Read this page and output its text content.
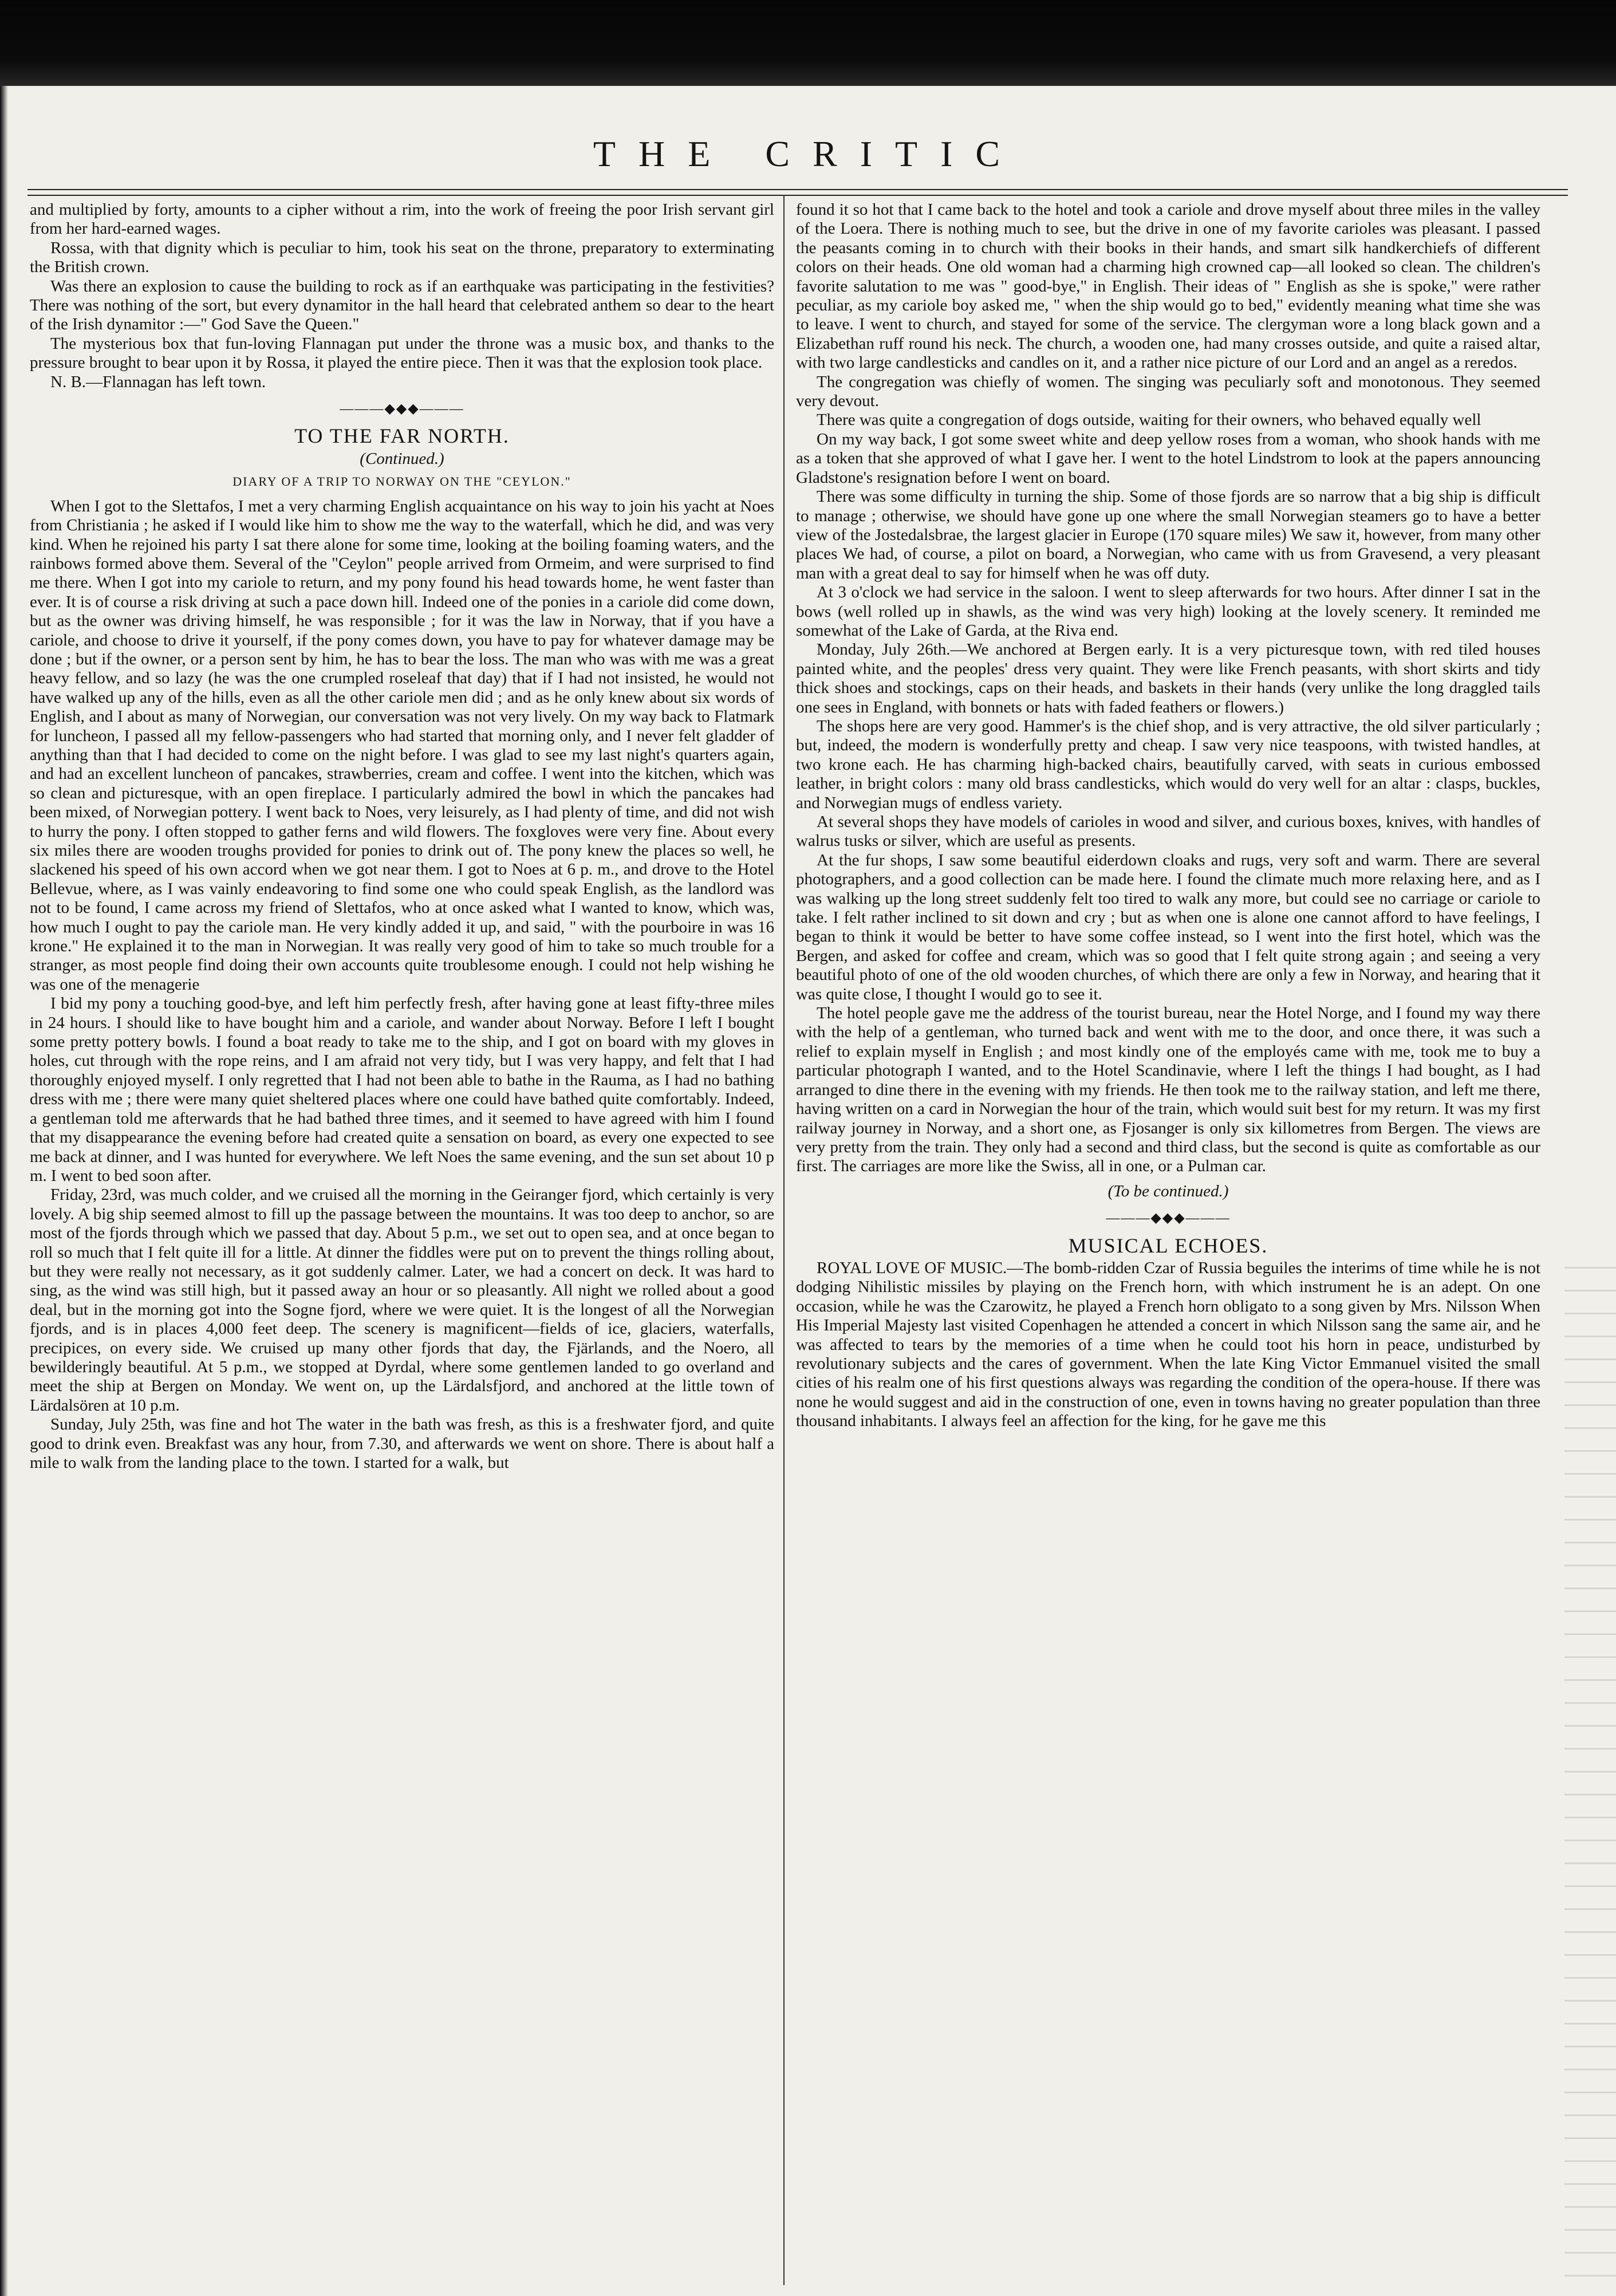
THE CRITIC

and multiplied by forty, amounts to a cipher without a rim, into the work of freeing the poor Irish servant girl from her hard-earned wages.

Rossa, with that dignity which is peculiar to him, took his seat on the throne, preparatory to exterminating the British crown.

Was there an explosion to cause the building to rock as if an earthquake was participating in the festivities? There was nothing of the sort, but every dynamitor in the hall heard that celebrated anthem so dear to the heart of the Irish dynamitor :—" God Save the Queen."

The mysterious box that fun-loving Flannagan put under the throne was a music box, and thanks to the pressure brought to bear upon it by Rossa, it played the entire piece. Then it was that the explosion took place.

N. B.—Flannagan has left town.

———◆◆◆———
TO THE FAR NORTH.
(Continued.)
DIARY OF A TRIP TO NORWAY ON THE "CEYLON."

When I got to the Slettafos, I met a very charming English acquaintance on his way to join his yacht at Noes from Christiania ; he asked if I would like him to show me the way to the waterfall, which he did, and was very kind. When he rejoined his party I sat there alone for some time, looking at the boiling foaming waters, and the rainbows formed above them. Several of the "Ceylon" people arrived from Ormeim, and were surprised to find me there. When I got into my cariole to return, and my pony found his head towards home, he went faster than ever. It is of course a risk driving at such a pace down hill. Indeed one of the ponies in a cariole did come down, but as the owner was driving himself, he was responsible ; for it was the law in Norway, that if you have a cariole, and choose to drive it yourself, if the pony comes down, you have to pay for whatever damage may be done ; but if the owner, or a person sent by him, he has to bear the loss. The man who was with me was a great heavy fellow, and so lazy (he was the one crumpled roseleaf that day) that if I had not insisted, he would not have walked up any of the hills, even as all the other cariole men did ; and as he only knew about six words of English, and I about as many of Norwegian, our conversation was not very lively. On my way back to Flatmark for luncheon, I passed all my fellow-passengers who had started that morning only, and I never felt gladder of anything than that I had decided to come on the night before. I was glad to see my last night's quarters again, and had an excellent luncheon of pancakes, strawberries, cream and coffee. I went into the kitchen, which was so clean and picturesque, with an open fireplace. I particularly admired the bowl in which the pancakes had been mixed, of Norwegian pottery. I went back to Noes, very leisurely, as I had plenty of time, and did not wish to hurry the pony. I often stopped to gather ferns and wild flowers. The foxgloves were very fine. About every six miles there are wooden troughs provided for ponies to drink out of. The pony knew the places so well, he slackened his speed of his own accord when we got near them. I got to Noes at 6 p. m., and drove to the Hotel Bellevue, where, as I was vainly endeavoring to find some one who could speak English, as the landlord was not to be found, I came across my friend of Slettafos, who at once asked what I wanted to know, which was, how much I ought to pay the cariole man. He very kindly added it up, and said, " with the pourboire in was 16 krone." He explained it to the man in Norwegian. It was really very good of him to take so much trouble for a stranger, as most people find doing their own accounts quite troublesome enough. I could not help wishing he was one of the menagerie

I bid my pony a touching good-bye, and left him perfectly fresh, after having gone at least fifty-three miles in 24 hours. I should like to have bought him and a cariole, and wander about Norway. Before I left I bought some pretty pottery bowls. I found a boat ready to take me to the ship, and I got on board with my gloves in holes, cut through with the rope reins, and I am afraid not very tidy, but I was very happy, and felt that I had thoroughly enjoyed myself. I only regretted that I had not been able to bathe in the Rauma, as I had no bathing dress with me ; there were many quiet sheltered places where one could have bathed quite comfortably. Indeed, a gentleman told me afterwards that he had bathed three times, and it seemed to have agreed with him I found that my disappearance the evening before had created quite a sensation on board, as every one expected to see me back at dinner, and I was hunted for everywhere. We left Noes the same evening, and the sun set about 10 p m. I went to bed soon after.

Friday, 23rd, was much colder, and we cruised all the morning in the Geiranger fjord, which certainly is very lovely. A big ship seemed almost to fill up the passage between the mountains. It was too deep to anchor, so are most of the fjords through which we passed that day. About 5 p.m., we set out to open sea, and at once began to roll so much that I felt quite ill for a little. At dinner the fiddles were put on to prevent the things rolling about, but they were really not necessary, as it got suddenly calmer. Later, we had a concert on deck. It was hard to sing, as the wind was still high, but it passed away an hour or so pleasantly. All night we rolled about a good deal, but in the morning got into the Sogne fjord, where we were quiet. It is the longest of all the Norwegian fjords, and is in places 4,000 feet deep. The scenery is magnificent—fields of ice, glaciers, waterfalls, precipices, on every side. We cruised up many other fjords that day, the Fjärlands, and the Noero, all bewilderingly beautiful. At 5 p.m., we stopped at Dyrdal, where some gentlemen landed to go overland and meet the ship at Bergen on Monday. We went on, up the Lärdalsfjord, and anchored at the little town of Lärdalsören at 10 p.m.

Sunday, July 25th, was fine and hot The water in the bath was fresh, as this is a freshwater fjord, and quite good to drink even. Breakfast was any hour, from 7.30, and afterwards we went on shore. There is about half a mile to walk from the landing place to the town. I started for a walk, but

found it so hot that I came back to the hotel and took a cariole and drove myself about three miles in the valley of the Loera. There is nothing much to see, but the drive in one of my favorite carioles was pleasant. I passed the peasants coming in to church with their books in their hands, and smart silk handkerchiefs of different colors on their heads. One old woman had a charming high crowned cap—all looked so clean. The children's favorite salutation to me was " good-bye," in English. Their ideas of " English as she is spoke," were rather peculiar, as my cariole boy asked me, " when the ship would go to bed," evidently meaning what time she was to leave. I went to church, and stayed for some of the service. The clergyman wore a long black gown and a Elizabethan ruff round his neck. The church, a wooden one, had many crosses outside, and quite a raised altar, with two large candlesticks and candles on it, and a rather nice picture of our Lord and an angel as a reredos.

The congregation was chiefly of women. The singing was peculiarly soft and monotonous. They seemed very devout.

There was quite a congregation of dogs outside, waiting for their owners, who behaved equally well

On my way back, I got some sweet white and deep yellow roses from a woman, who shook hands with me as a token that she approved of what I gave her. I went to the hotel Lindstrom to look at the papers announcing Gladstone's resignation before I went on board.

There was some difficulty in turning the ship. Some of those fjords are so narrow that a big ship is difficult to manage ; otherwise, we should have gone up one where the small Norwegian steamers go to have a better view of the Jostedalsbrae, the largest glacier in Europe (170 square miles) We saw it, however, from many other places We had, of course, a pilot on board, a Norwegian, who came with us from Gravesend, a very pleasant man with a great deal to say for himself when he was off duty.

At 3 o'clock we had service in the saloon. I went to sleep afterwards for two hours. After dinner I sat in the bows (well rolled up in shawls, as the wind was very high) looking at the lovely scenery. It reminded me somewhat of the Lake of Garda, at the Riva end.

Monday, July 26th.—We anchored at Bergen early. It is a very picturesque town, with red tiled houses painted white, and the peoples' dress very quaint. They were like French peasants, with short skirts and tidy thick shoes and stockings, caps on their heads, and baskets in their hands (very unlike the long draggled tails one sees in England, with bonnets or hats with faded feathers or flowers.)

The shops here are very good. Hammer's is the chief shop, and is very attractive, the old silver particularly ; but, indeed, the modern is wonderfully pretty and cheap. I saw very nice teaspoons, with twisted handles, at two krone each. He has charming high-backed chairs, beautifully carved, with seats in curious embossed leather, in bright colors : many old brass candlesticks, which would do very well for an altar : clasps, buckles, and Norwegian mugs of endless variety.

At several shops they have models of carioles in wood and silver, and curious boxes, knives, with handles of walrus tusks or silver, which are useful as presents.

At the fur shops, I saw some beautiful eiderdown cloaks and rugs, very soft and warm. There are several photographers, and a good collection can be made here. I found the climate much more relaxing here, and as I was walking up the long street suddenly felt too tired to walk any more, but could see no carriage or cariole to take. I felt rather inclined to sit down and cry ; but as when one is alone one cannot afford to have feelings, I began to think it would be better to have some coffee instead, so I went into the first hotel, which was the Bergen, and asked for coffee and cream, which was so good that I felt quite strong again ; and seeing a very beautiful photo of one of the old wooden churches, of which there are only a few in Norway, and hearing that it was quite close, I thought I would go to see it.

The hotel people gave me the address of the tourist bureau, near the Hotel Norge, and I found my way there with the help of a gentleman, who turned back and went with me to the door, and once there, it was such a relief to explain myself in English ; and most kindly one of the employés came with me, took me to buy a particular photograph I wanted, and to the Hotel Scandinavie, where I left the things I had bought, as I had arranged to dine there in the evening with my friends. He then took me to the railway station, and left me there, having written on a card in Norwegian the hour of the train, which would suit best for my return. It was my first railway journey in Norway, and a short one, as Fjosanger is only six killometres from Bergen. The views are very pretty from the train. They only had a second and third class, but the second is quite as comfortable as our first. The carriages are more like the Swiss, all in one, or a Pulman car.

(To be continued.)
———◆◆◆———
MUSICAL ECHOES.

ROYAL LOVE OF MUSIC.—The bomb-ridden Czar of Russia beguiles the interims of time while he is not dodging Nihilistic missiles by playing on the French horn, with which instrument he is an adept. On one occasion, while he was the Czarowitz, he played a French horn obligato to a song given by Mrs. Nilsson When His Imperial Majesty last visited Copenhagen he attended a concert in which Nilsson sang the same air, and he was affected to tears by the memories of a time when he could toot his horn in peace, undisturbed by revolutionary subjects and the cares of government. When the late King Victor Emmanuel visited the small cities of his realm one of his first questions always was regarding the condition of the opera-house. If there was none he would suggest and aid in the construction of one, even in towns having no greater population than three thousand inhabitants. I always feel an affection for the king, for he gave me this
